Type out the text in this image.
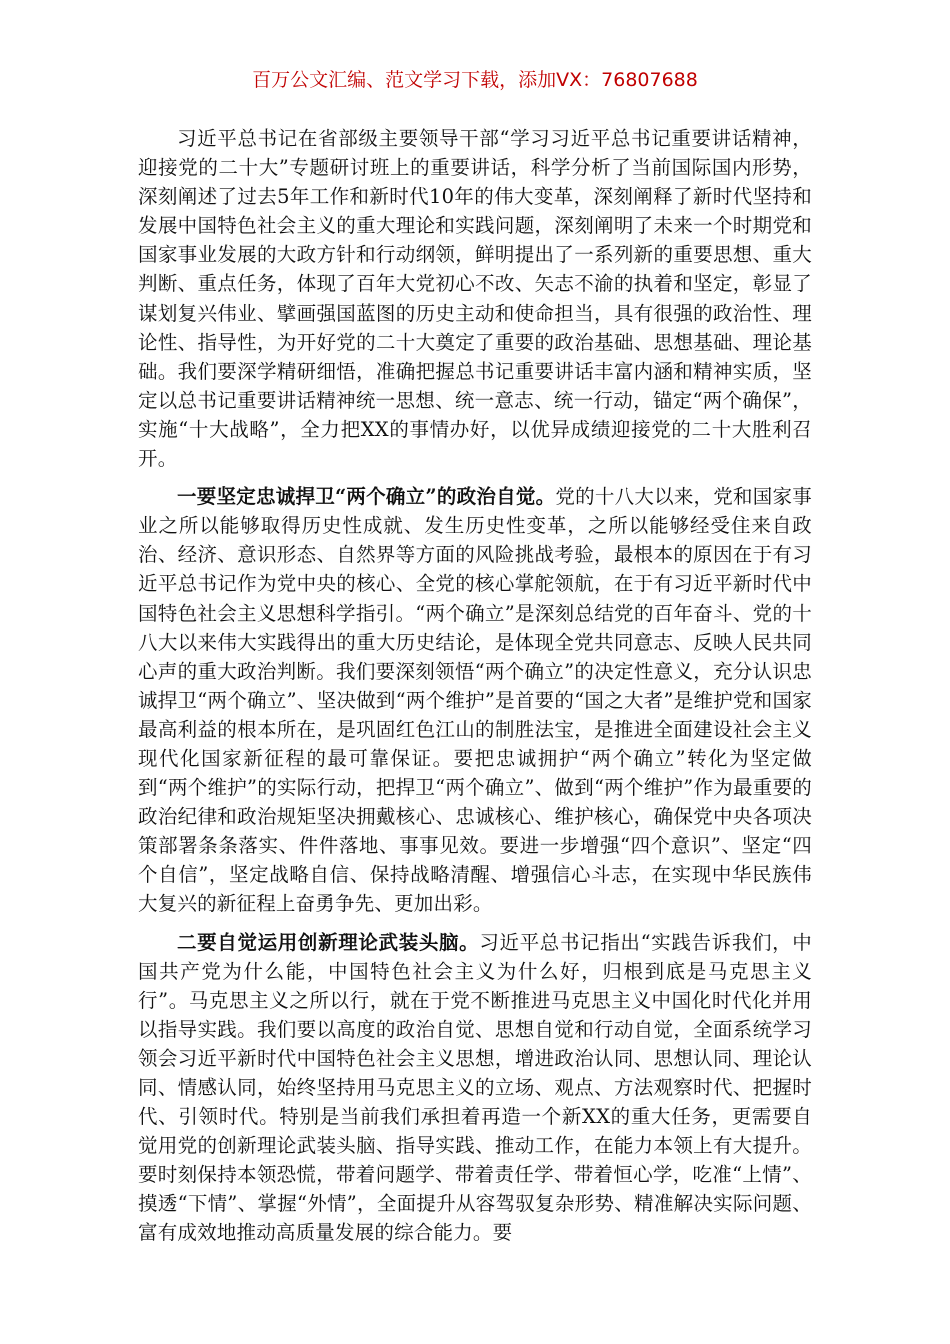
百万公文汇编、范文学习下载，添加VX：76807688

习近平总书记在省部级主要领导干部“学习习近平总书记重要讲话精神，迎接党的二十大”专题研讨班上的重要讲话，科学分析了当前国际国内形势，深刻阐述了过去5年工作和新时代10年的伟大变革，深刻阐释了新时代坚持和发展中国特色社会主义的重大理论和实践问题，深刻阐明了未来一个时期党和国家事业发展的大政方针和行动纲领，鲜明提出了一系列新的重要思想、重大判断、重点任务，体现了百年大党初心不改、矢志不渝的执着和坚定，彰显了谋划复兴伟业、擘画强国蓝图的历史主动和使命担当，具有很强的政治性、理论性、指导性，为开好党的二十大奠定了重要的政治基础、思想基础、理论基础。我们要深学精研细悟，准确把握总书记重要讲话丰富内涵和精神实质，坚定以总书记重要讲话精神统一思想、统一意志、统一行动，锚定“两个确保”，实施“十大战略”，全力把XX的事情办好，以优异成绩迎接党的二十大胜利召开。

一要坚定忠诚捍卫“两个确立”的政治自觉。党的十八大以来，党和国家事业之所以能够取得历史性成就、发生历史性变革，之所以能够经受住来自政治、经济、意识形态、自然界等方面的风险挑战考验，最根本的原因在于有习近平总书记作为党中央的核心、全党的核心掌舵领航，在于有习近平新时代中国特色社会主义思想科学指引。“两个确立”是深刻总结党的百年奋斗、党的十八大以来伟大实践得出的重大历史结论，是体现全党共同意志、反映人民共同心声的重大政治判断。我们要深刻领悟“两个确立”的决定性意义，充分认识忠诚捍卫“两个确立”、坚决做到“两个维护”是首要的“国之大者”是维护党和国家最高利益的根本所在，是巩固红色江山的制胜法宝，是推进全面建设社会主义现代化国家新征程的最可靠保证。要把忠诚拥护“两个确立”转化为坚定做到“两个维护”的实际行动，把捍卫“两个确立”、做到“两个维护”作为最重要的政治纪律和政治规矩坚决拥戴核心、忠诚核心、维护核心，确保党中央各项决策部署条条落实、件件落地、事事见效。要进一步增强“四个意识”、坚定“四个自信”，坚定战略自信、保持战略清醒、增强信心斗志，在实现中华民族伟大复兴的新征程上奋勇争先、更加出彩。

二要自觉运用创新理论武装头脑。习近平总书记指出“实践告诉我们，中国共产党为什么能，中国特色社会主义为什么好，归根到底是马克思主义行”。马克思主义之所以行，就在于党不断推进马克思主义中国化时代化并用以指导实践。我们要以高度的政治自觉、思想自觉和行动自觉，全面系统学习领会习近平新时代中国特色社会主义思想，增进政治认同、思想认同、理论认同、情感认同，始终坚持用马克思主义的立场、观点、方法观察时代、把握时代、引领时代。特别是当前我们承担着再造一个新XX的重大任务，更需要自觉用党的创新理论武装头脑、指导实践、推动工作，在能力本领上有大提升。要时刻保持本领恐慌，带着问题学、带着责任学、带着恒心学，吃准“上情”、摸透“下情”、掌握“外情”，全面提升从容驾驭复杂形势、精准解决实际问题、富有成效地推动高质量发展的综合能力。要
